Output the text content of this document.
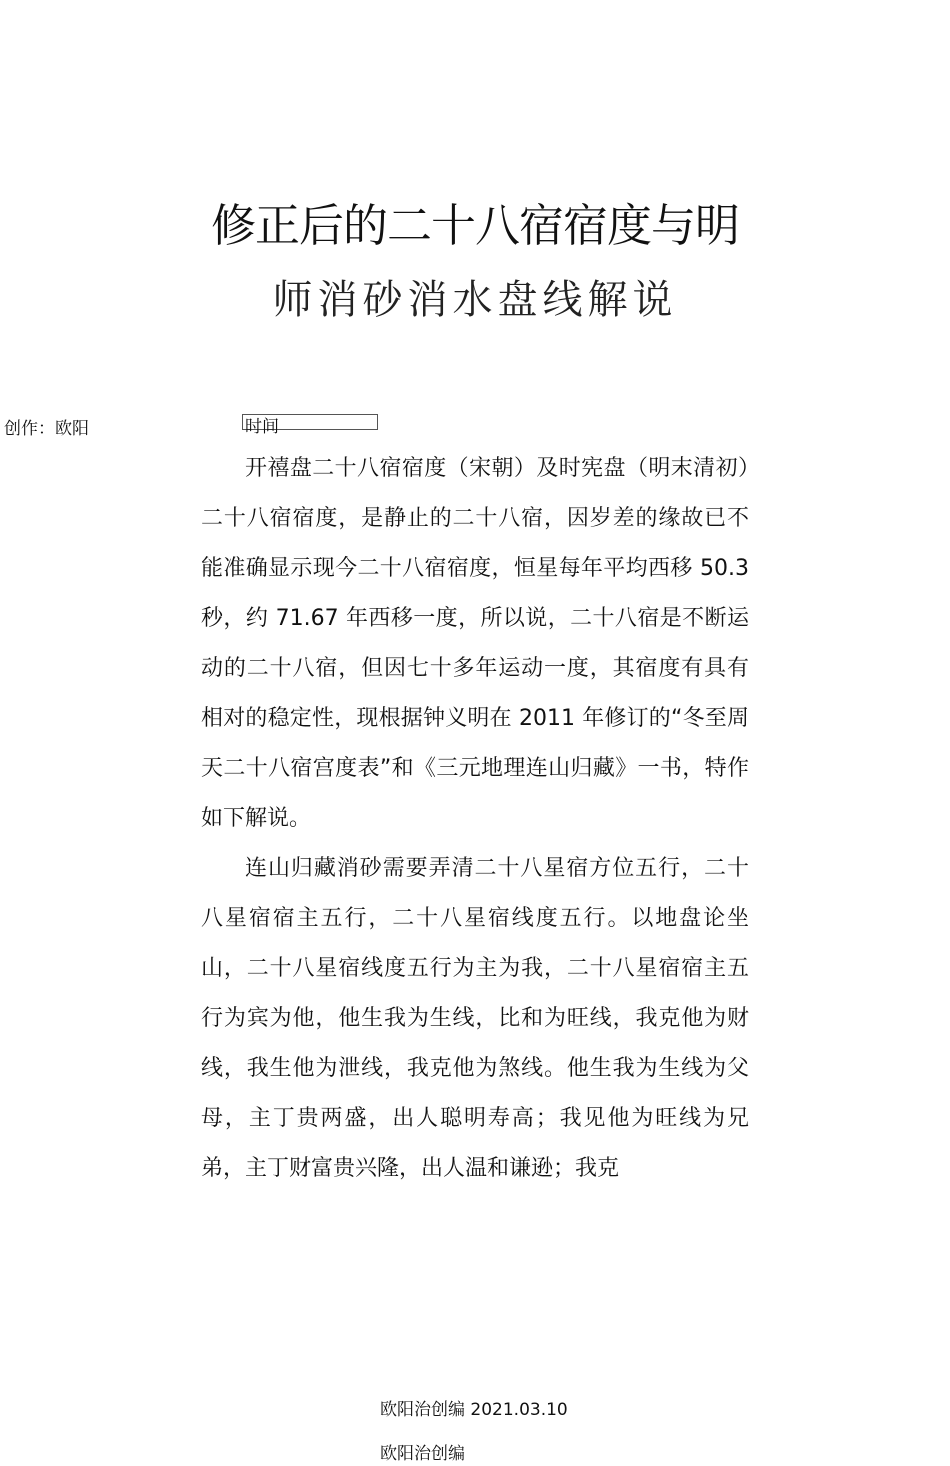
修正后的二十八宿宿度与明
师消砂消水盘线解说
创作：欧阳	时间

开禧盘二十八宿宿度（宋朝）及时宪盘（明末清初）二十八宿宿度，是静止的二十八宿，因岁差的缘故已不能准确显示现今二十八宿宿度，恒星每年平均西移 50.3 秒，约 71.67 年西移一度，所以说，二十八宿是不断运动的二十八宿，但因七十多年运动一度，其宿度有具有相对的稳定性，现根据钟义明在 2011 年修订的“冬至周天二十八宿宫度表”和《三元地理连山归藏》一书，特作如下解说。

连山归藏消砂需要弄清二十八星宿方位五行，二十八星宿宿主五行，二十八星宿线度五行。以地盘论坐山，二十八星宿线度五行为主为我，二十八星宿宿主五行为宾为他，他生我为生线，比和为旺线，我克他为财线，我生他为泄线，我克他为煞线。他生我为生线为父母，主丁贵两盛，出人聪明寿高；我见他为旺线为兄弟，主丁财富贵兴隆，出人温和谦逊；我克

欧阳治创编 2021.03.10
欧阳治创编
